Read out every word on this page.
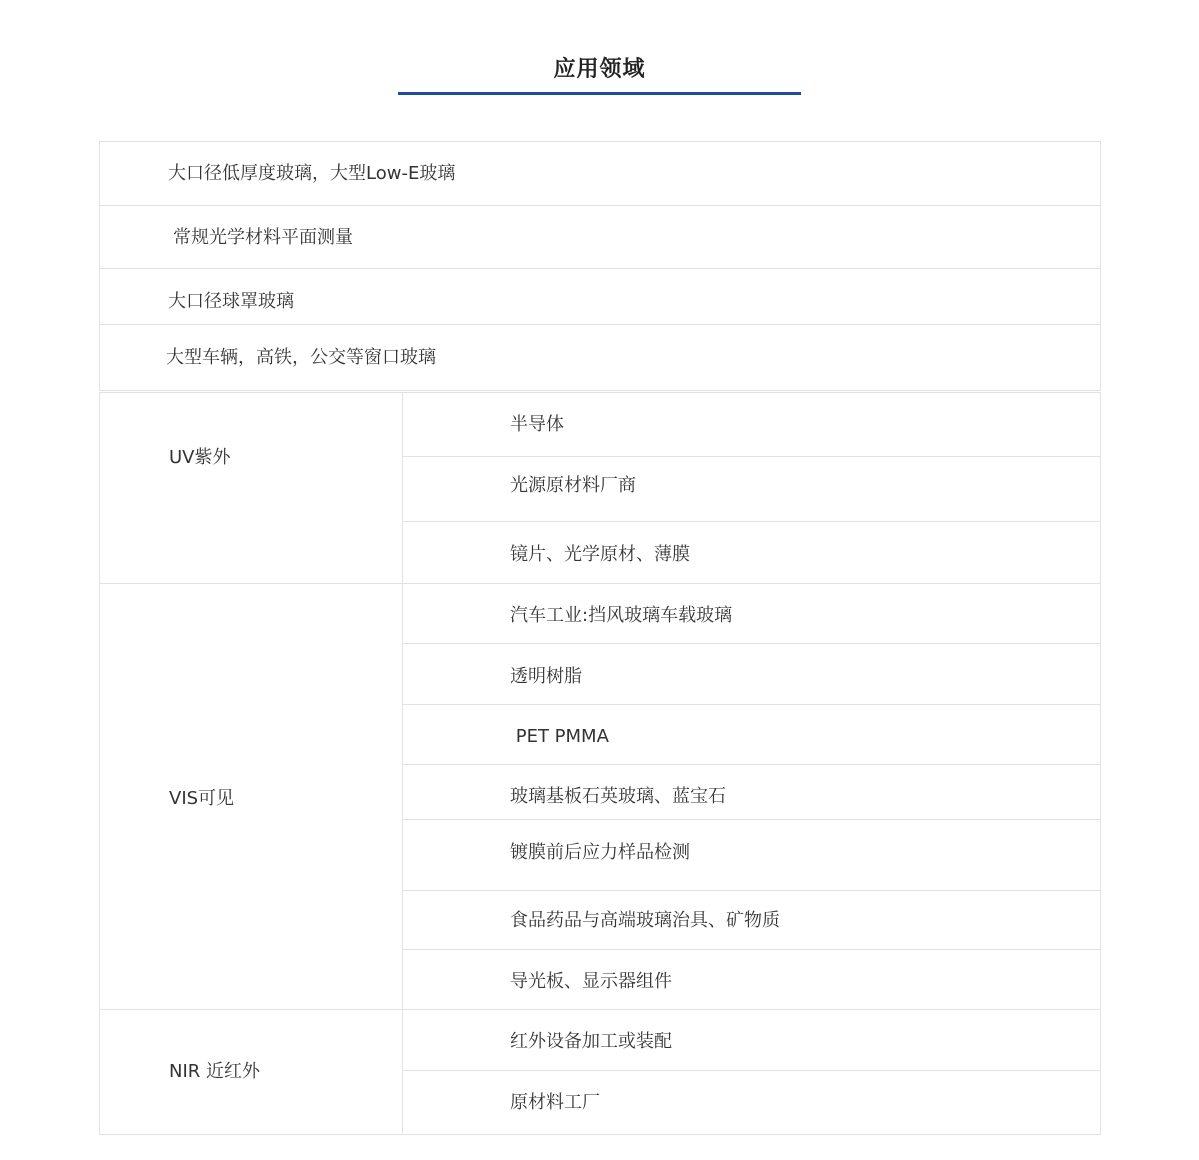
应用领域
大口径低厚度玻璃，大型Low-E玻璃
常规光学材料平面测量
大口径球罩玻璃
大型车辆，高铁，公交等窗口玻璃
UV紫外
半导体
光源原材料厂商
镜片、光学原材、薄膜
VIS可见
汽车工业:挡风玻璃车载玻璃
透明树脂
PET PMMA
玻璃基板石英玻璃、蓝宝石
镀膜前后应力样品检测
食品药品与高端玻璃治具、矿物质
导光板、显示器组件
NIR 近红外
红外设备加工或装配
原材料工厂
